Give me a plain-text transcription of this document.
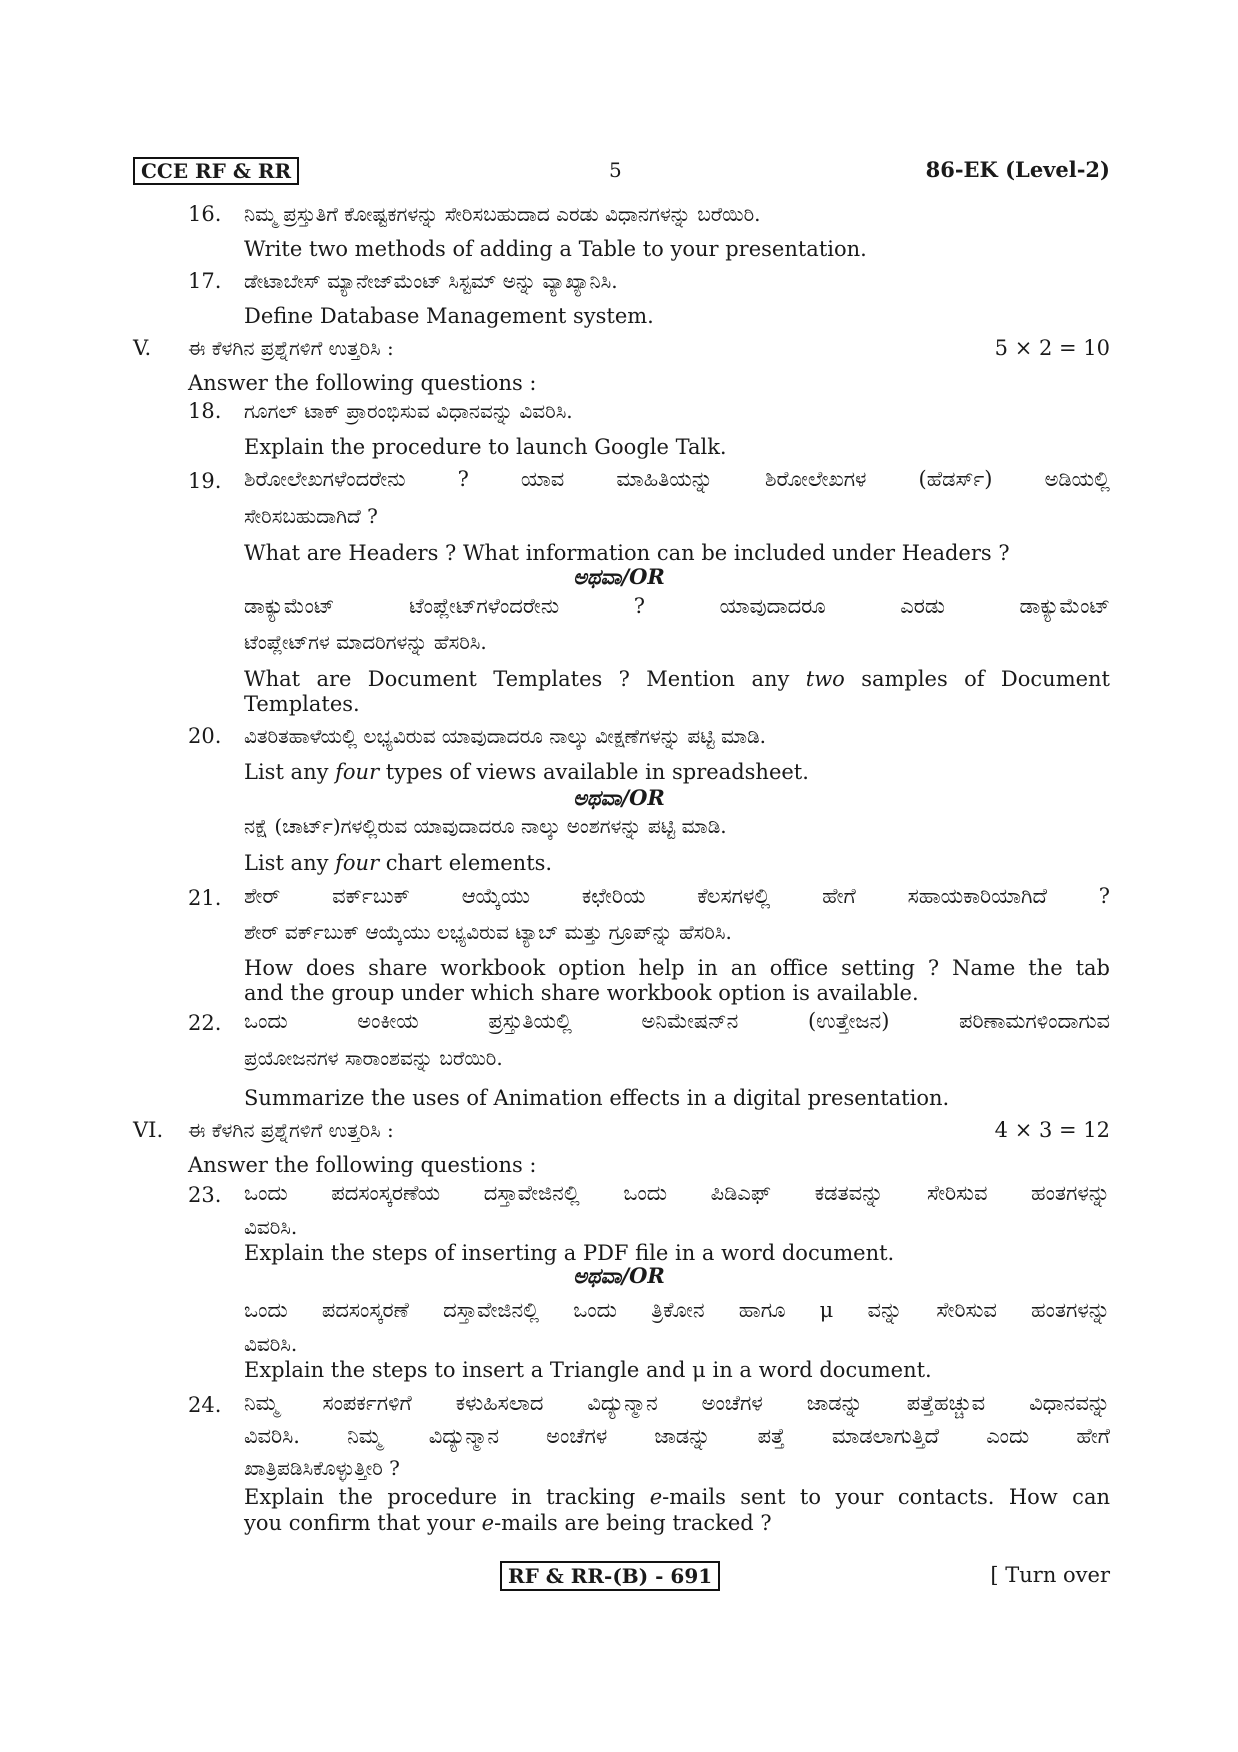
CCE RF & RR	5	86-EK (Level-2)
16. ನಿಮ್ಮ ಪ್ರಸ್ತುತಿಗೆ ಕೋಷ್ಟಕಗಳನ್ನು ಸೇರಿಸಬಹುದಾದ ಎರಡು ವಿಧಾನಗಳನ್ನು ಬರೆಯಿರಿ.
Write two methods of adding a Table to your presentation.
17. ಡೇಟಾಬೇಸ್ ಮ್ಯಾನೇಜ್‌ಮೆಂಟ್ ಸಿಸ್ಟಮ್ ಅನ್ನು ವ್ಯಾಖ್ಯಾನಿಸಿ.
Define Database Management system.
V. ಈ ಕೆಳಗಿನ ಪ್ರಶ್ನೆಗಳಿಗೆ ಉತ್ತರಿಸಿ :	5 × 2 = 10
Answer the following questions :
18. ಗೂಗಲ್ ಟಾಕ್ ಪ್ರಾರಂಭಿಸುವ ವಿಧಾನವನ್ನು ವಿವರಿಸಿ.
Explain the procedure to launch Google Talk.
19. ಶಿರೋಲೇಖಗಳೆಂದರೇನು ? ಯಾವ ಮಾಹಿತಿಯನ್ನು ಶಿರೋಲೇಖಗಳ (ಹೆಡರ್ಸ್) ಅಡಿಯಲ್ಲಿ
ಸೇರಿಸಬಹುದಾಗಿದೆ ?
What are Headers ? What information can be included under Headers ?
ಅಥವಾ/OR
ಡಾಕ್ಯುಮೆಂಟ್ ಟೆಂಪ್ಲೇಟ್‌ಗಳೆಂದರೇನು ? ಯಾವುದಾದರೂ ಎರಡು ಡಾಕ್ಯುಮೆಂಟ್
ಟೆಂಪ್ಲೇಟ್‌ಗಳ ಮಾದರಿಗಳನ್ನು ಹೆಸರಿಸಿ.
What are Document Templates ? Mention any two samples of Document
Templates.
20. ವಿತರಿತಹಾಳೆಯಲ್ಲಿ ಲಭ್ಯವಿರುವ ಯಾವುದಾದರೂ ನಾಲ್ಕು ವೀಕ್ಷಣೆಗಳನ್ನು ಪಟ್ಟಿ ಮಾಡಿ.
List any four types of views available in spreadsheet.
ಅಥವಾ/OR
ನಕ್ಷೆ (ಚಾರ್ಟ್)ಗಳಲ್ಲಿರುವ ಯಾವುದಾದರೂ ನಾಲ್ಕು ಅಂಶಗಳನ್ನು ಪಟ್ಟಿ ಮಾಡಿ.
List any four chart elements.
21. ಶೇರ್ ವರ್ಕ್‌ಬುಕ್ ಆಯ್ಕೆಯು ಕಛೇರಿಯ ಕೆಲಸಗಳಲ್ಲಿ ಹೇಗೆ ಸಹಾಯಕಾರಿಯಾಗಿದೆ ?
ಶೇರ್ ವರ್ಕ್‌ಬುಕ್ ಆಯ್ಕೆಯು ಲಭ್ಯವಿರುವ ಟ್ಯಾಬ್ ಮತ್ತು ಗ್ರೂಪ್‌ನ್ನು ಹೆಸರಿಸಿ.
How does share workbook option help in an office setting ? Name the tab
and the group under which share workbook option is available.
22. ಒಂದು ಅಂಕೀಯ ಪ್ರಸ್ತುತಿಯಲ್ಲಿ ಅನಿಮೇಷನ್‌ನ (ಉತ್ತೇಜನ) ಪರಿಣಾಮಗಳಿಂದಾಗುವ
ಪ್ರಯೋಜನಗಳ ಸಾರಾಂಶವನ್ನು ಬರೆಯಿರಿ.
Summarize the uses of Animation effects in a digital presentation.
VI. ಈ ಕೆಳಗಿನ ಪ್ರಶ್ನೆಗಳಿಗೆ ಉತ್ತರಿಸಿ :	4 × 3 = 12
Answer the following questions :
23. ಒಂದು ಪದಸಂಸ್ಕರಣೆಯ ದಸ್ತಾವೇಜಿನಲ್ಲಿ ಒಂದು ಪಿಡಿಎಫ್ ಕಡತವನ್ನು ಸೇರಿಸುವ ಹಂತಗಳನ್ನು
ವಿವರಿಸಿ.
Explain the steps of inserting a PDF file in a word document.
ಅಥವಾ/OR
ಒಂದು ಪದಸಂಸ್ಕರಣೆ ದಸ್ತಾವೇಜಿನಲ್ಲಿ ಒಂದು ತ್ರಿಕೋನ ಹಾಗೂ μ ವನ್ನು ಸೇರಿಸುವ ಹಂತಗಳನ್ನು
ವಿವರಿಸಿ.
Explain the steps to insert a Triangle and μ in a word document.
24. ನಿಮ್ಮ ಸಂಪರ್ಕಗಳಿಗೆ ಕಳುಹಿಸಲಾದ ವಿದ್ಯುನ್ಮಾನ ಅಂಚೆಗಳ ಜಾಡನ್ನು ಪತ್ತೆಹಚ್ಚುವ ವಿಧಾನವನ್ನು
ವಿವರಿಸಿ. ನಿಮ್ಮ ವಿದ್ಯುನ್ಮಾನ ಅಂಚೆಗಳ ಜಾಡನ್ನು ಪತ್ತೆ ಮಾಡಲಾಗುತ್ತಿದೆ ಎಂದು ಹೇಗೆ
ಖಾತ್ರಿಪಡಿಸಿಕೊಳ್ಳುತ್ತೀರಿ ?
Explain the procedure in tracking e-mails sent to your contacts. How can
you confirm that your e-mails are being tracked ?
RF & RR-(B) - 691	[ Turn over
